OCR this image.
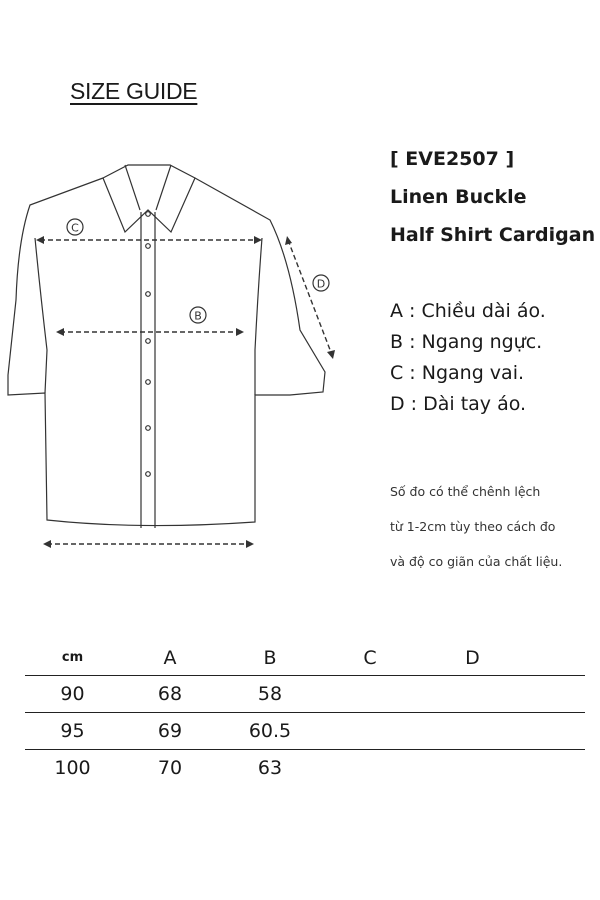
SIZE GUIDE
[ EVE2507 ]
Linen Buckle
Half Shirt Cardigan
C
B
D
A : Chiều dài áo.
B : Ngang ngực.
C : Ngang vai.
D : Dài tay áo.
Số đo có thể chênh lệch
từ 1-2cm tùy theo cách đo
và độ co giãn của chất liệu.
cm	A	B	C	D
90	68	58
95	69	60.5
100	70	63
